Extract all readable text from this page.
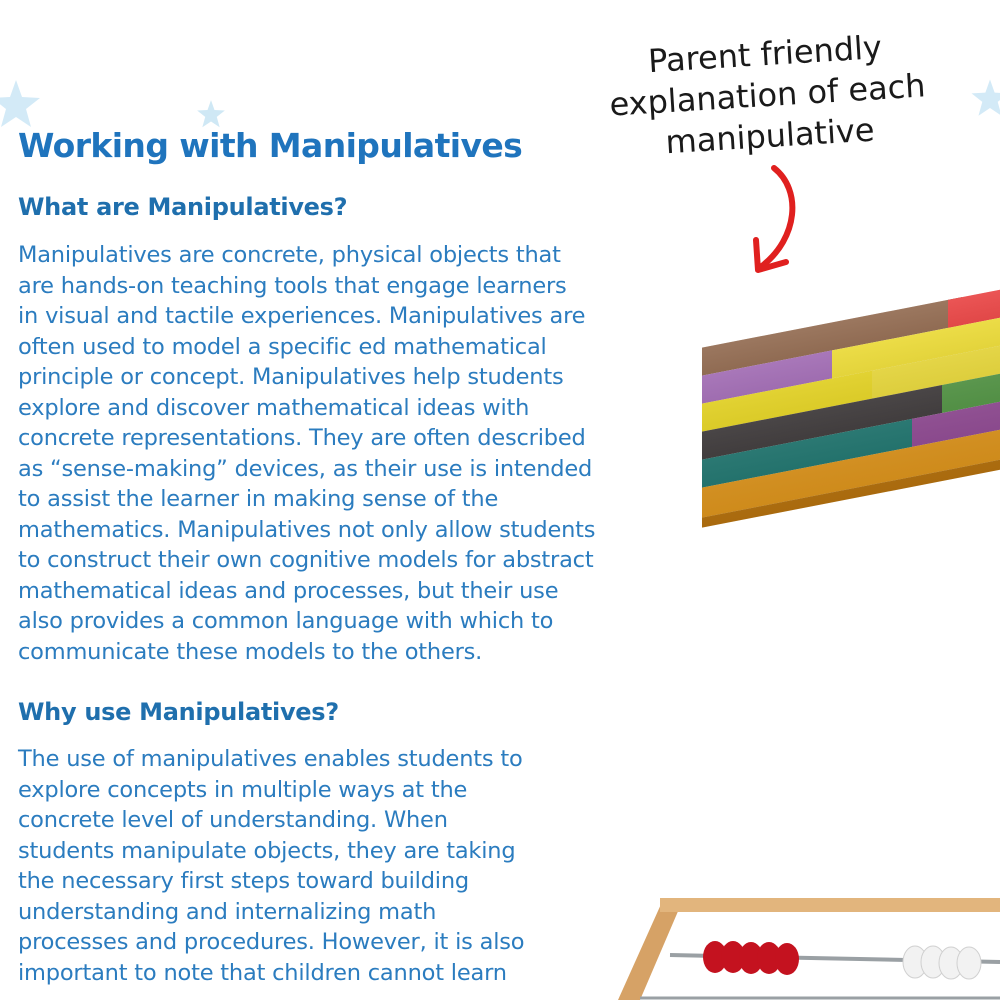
Working with Manipulatives
What are Manipulatives?
Manipulatives are concrete, physical objects that
are hands-on teaching tools that engage learners
in visual and tactile experiences. Manipulatives are
often used to model a specific ed mathematical
principle or concept. Manipulatives help students
explore and discover mathematical ideas with
concrete representations. They are often described
as “sense-making” devices, as their use is intended
to assist the learner in making sense of the
mathematics. Manipulatives not only allow students
to construct their own cognitive models for abstract
mathematical ideas and processes, but their use
also provides a common language with which to
communicate these models to the others.
Why use Manipulatives?
The use of manipulatives enables students to
explore concepts in multiple ways at the
concrete level of understanding. When
students manipulate objects, they are taking
the necessary first steps toward building
understanding and internalizing math
processes and procedures. However, it is also
important to note that children cannot learn
Parent friendly
explanation of each
manipulative
